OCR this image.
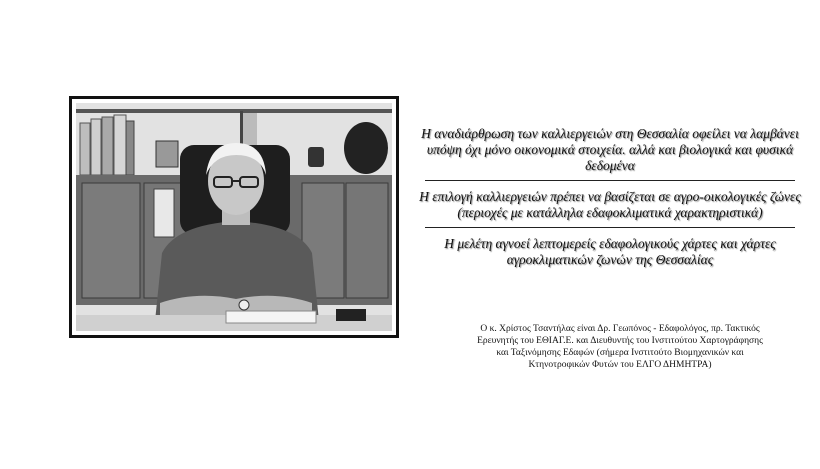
Η αναδιάρθρωση των καλλιεργειών στη Θεσσαλία οφείλει να λαμβάνει υπόψη όχι μόνο οικονομικά στοιχεία. αλλά και βιολογικά και φυσικά δεδομένα
Η επιλογή καλλιεργειών πρέπει να βασίζεται σε αγρο-οικολογικές ζώνες (περιοχές με κατάλληλα εδαφοκλιματικά χαρακτηριστικά)
Η μελέτη αγνοεί λεπτομερείς εδαφολογικούς χάρτες και χάρτες αγροκλιματικών ζωνών της Θεσσαλίας
Ο κ. Χρίστος Τσαντήλας είναι Δρ. Γεωπόνος - Εδαφολόγος, πρ. Τακτικός Ερευνητής του ΕΘΙΑΓ.Ε. και Διευθυντής του Ινστιτούτου Χαρτογράφησης και Ταξινόμησης Εδαφών (σήμερα Ινστιτούτο Βιομηχανικών και Κτηνοτροφικών Φυτών του ΕΛΓΟ ΔΗΜΗΤΡΑ)
